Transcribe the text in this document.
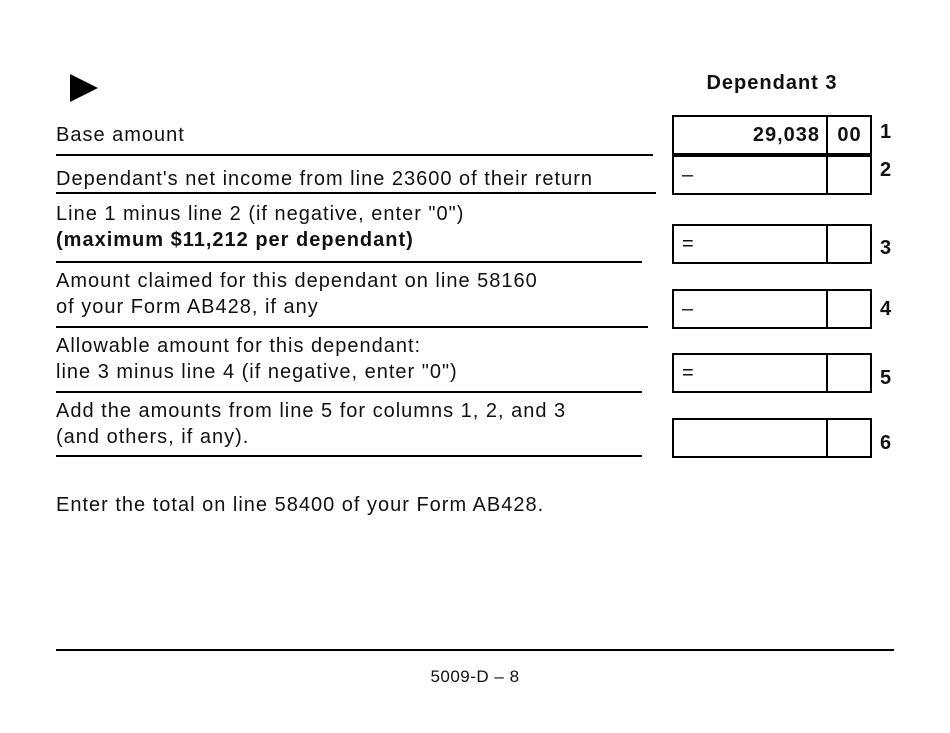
Dependant 3
Base amount	29,038 00 1
Dependant's net income from line 23600 of their return	–	2
Line 1 minus line 2 (if negative, enter "0")
(maximum $11,212 per dependant)	=	3
Amount claimed for this dependant on line 58160
of your Form AB428, if any	–	4
Allowable amount for this dependant:
line 3 minus line 4 (if negative, enter "0")	=	5
Add the amounts from line 5 for columns 1, 2, and 3
(and others, if any).	6
Enter the total on line 58400 of your Form AB428.
5009-D – 8
